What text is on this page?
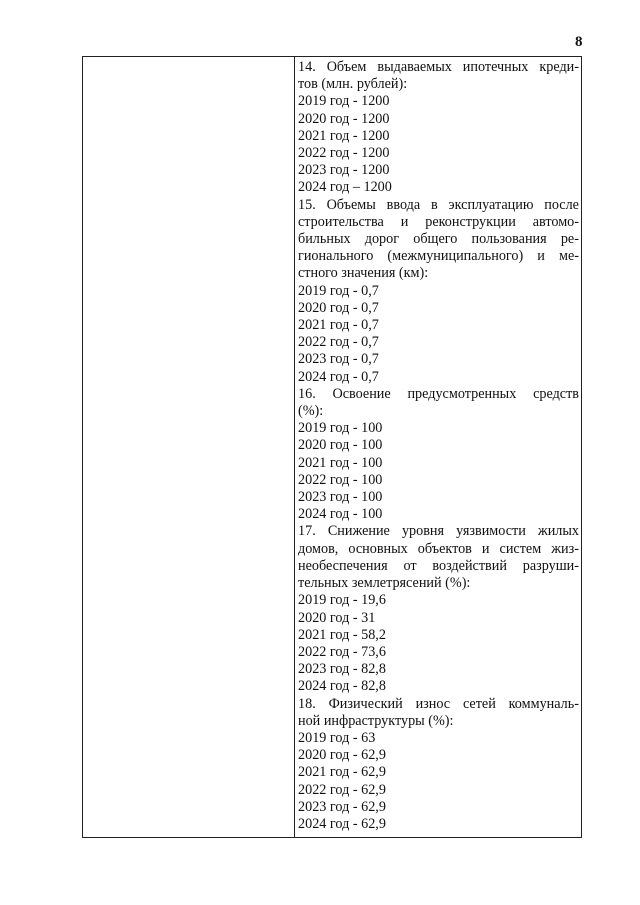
8
14. Объем выдаваемых ипотечных креди-
тов (млн. рублей):
2019 год - 1200
2020 год - 1200
2021 год - 1200
2022 год - 1200
2023 год - 1200
2024 год – 1200
15. Объемы ввода в эксплуатацию после
строительства и реконструкции автомо-
бильных дорог общего пользования ре-
гионального (межмуниципального) и ме-
стного значения (км):
2019 год - 0,7
2020 год - 0,7
2021 год - 0,7
2022 год - 0,7
2023 год - 0,7
2024 год - 0,7
16. Освоение предусмотренных средств
(%):
2019 год - 100
2020 год - 100
2021 год - 100
2022 год - 100
2023 год - 100
2024 год - 100
17. Снижение уровня уязвимости жилых
домов, основных объектов и систем жиз-
необеспечения от воздействий разруши-
тельных землетрясений (%):
2019 год - 19,6
2020 год - 31
2021 год - 58,2
2022 год - 73,6
2023 год - 82,8
2024 год - 82,8
18. Физический износ сетей коммуналь-
ной инфраструктуры (%):
2019 год - 63
2020 год - 62,9
2021 год - 62,9
2022 год - 62,9
2023 год - 62,9
2024 год - 62,9
